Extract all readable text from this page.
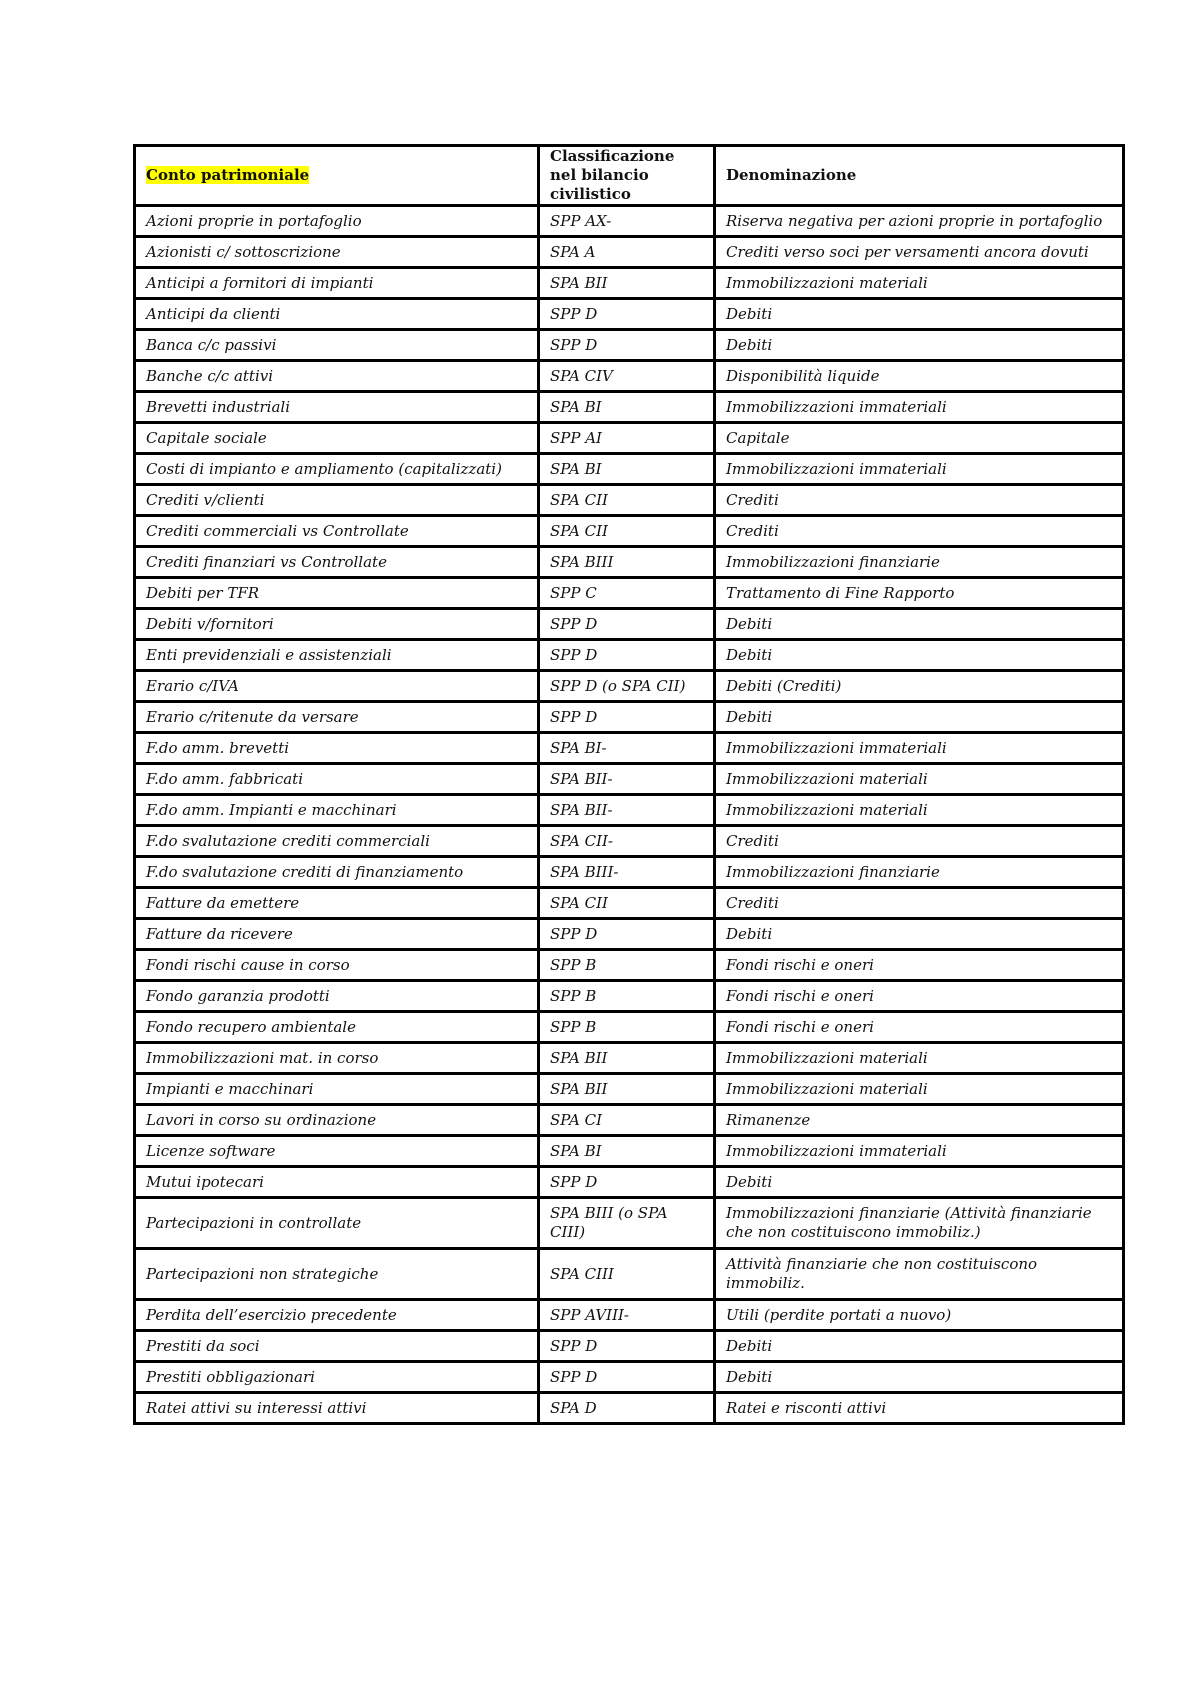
Conto patrimoniale	Classificazione nel bilancio civilistico	Denominazione
Azioni proprie in portafoglio	SPP AX-	Riserva negativa per azioni proprie in portafoglio
Azionisti c/ sottoscrizione	SPA A	Crediti verso soci per versamenti ancora dovuti
Anticipi a fornitori di impianti	SPA BII	Immobilizzazioni materiali
Anticipi da clienti	SPP D	Debiti
Banca c/c passivi	SPP D	Debiti
Banche c/c attivi	SPA CIV	Disponibilità liquide
Brevetti industriali	SPA BI	Immobilizzazioni immateriali
Capitale sociale	SPP AI	Capitale
Costi di impianto e ampliamento (capitalizzati)	SPA BI	Immobilizzazioni immateriali
Crediti v/clienti	SPA CII	Crediti
Crediti commerciali vs Controllate	SPA CII	Crediti
Crediti finanziari vs Controllate	SPA BIII	Immobilizzazioni finanziarie
Debiti per TFR	SPP C	Trattamento di Fine Rapporto
Debiti v/fornitori	SPP D	Debiti
Enti previdenziali e assistenziali	SPP D	Debiti
Erario c/IVA	SPP D (o SPA CII)	Debiti (Crediti)
Erario c/ritenute da versare	SPP D	Debiti
F.do amm. brevetti	SPA BI-	Immobilizzazioni immateriali
F.do amm. fabbricati	SPA BII-	Immobilizzazioni materiali
F.do amm. Impianti e macchinari	SPA BII-	Immobilizzazioni materiali
F.do svalutazione crediti commerciali	SPA CII-	Crediti
F.do svalutazione crediti di finanziamento	SPA BIII-	Immobilizzazioni finanziarie
Fatture da emettere	SPA CII	Crediti
Fatture da ricevere	SPP D	Debiti
Fondi rischi cause in corso	SPP B	Fondi rischi e oneri
Fondo garanzia prodotti	SPP B	Fondi rischi e oneri
Fondo recupero ambientale	SPP B	Fondi rischi e oneri
Immobilizzazioni mat. in corso	SPA BII	Immobilizzazioni materiali
Impianti e macchinari	SPA BII	Immobilizzazioni materiali
Lavori in corso su ordinazione	SPA CI	Rimanenze
Licenze software	SPA BI	Immobilizzazioni immateriali
Mutui ipotecari	SPP D	Debiti
Partecipazioni in controllate	SPA BIII (o SPA CIII)	Immobilizzazioni finanziarie (Attività finanziarie che non costituiscono immobiliz.)
Partecipazioni non strategiche	SPA CIII	Attività finanziarie che non costituiscono immobiliz.
Perdita dell’esercizio precedente	SPP AVIII-	Utili (perdite portati a nuovo)
Prestiti da soci	SPP D	Debiti
Prestiti obbligazionari	SPP D	Debiti
Ratei attivi su interessi attivi	SPA D	Ratei e risconti attivi
